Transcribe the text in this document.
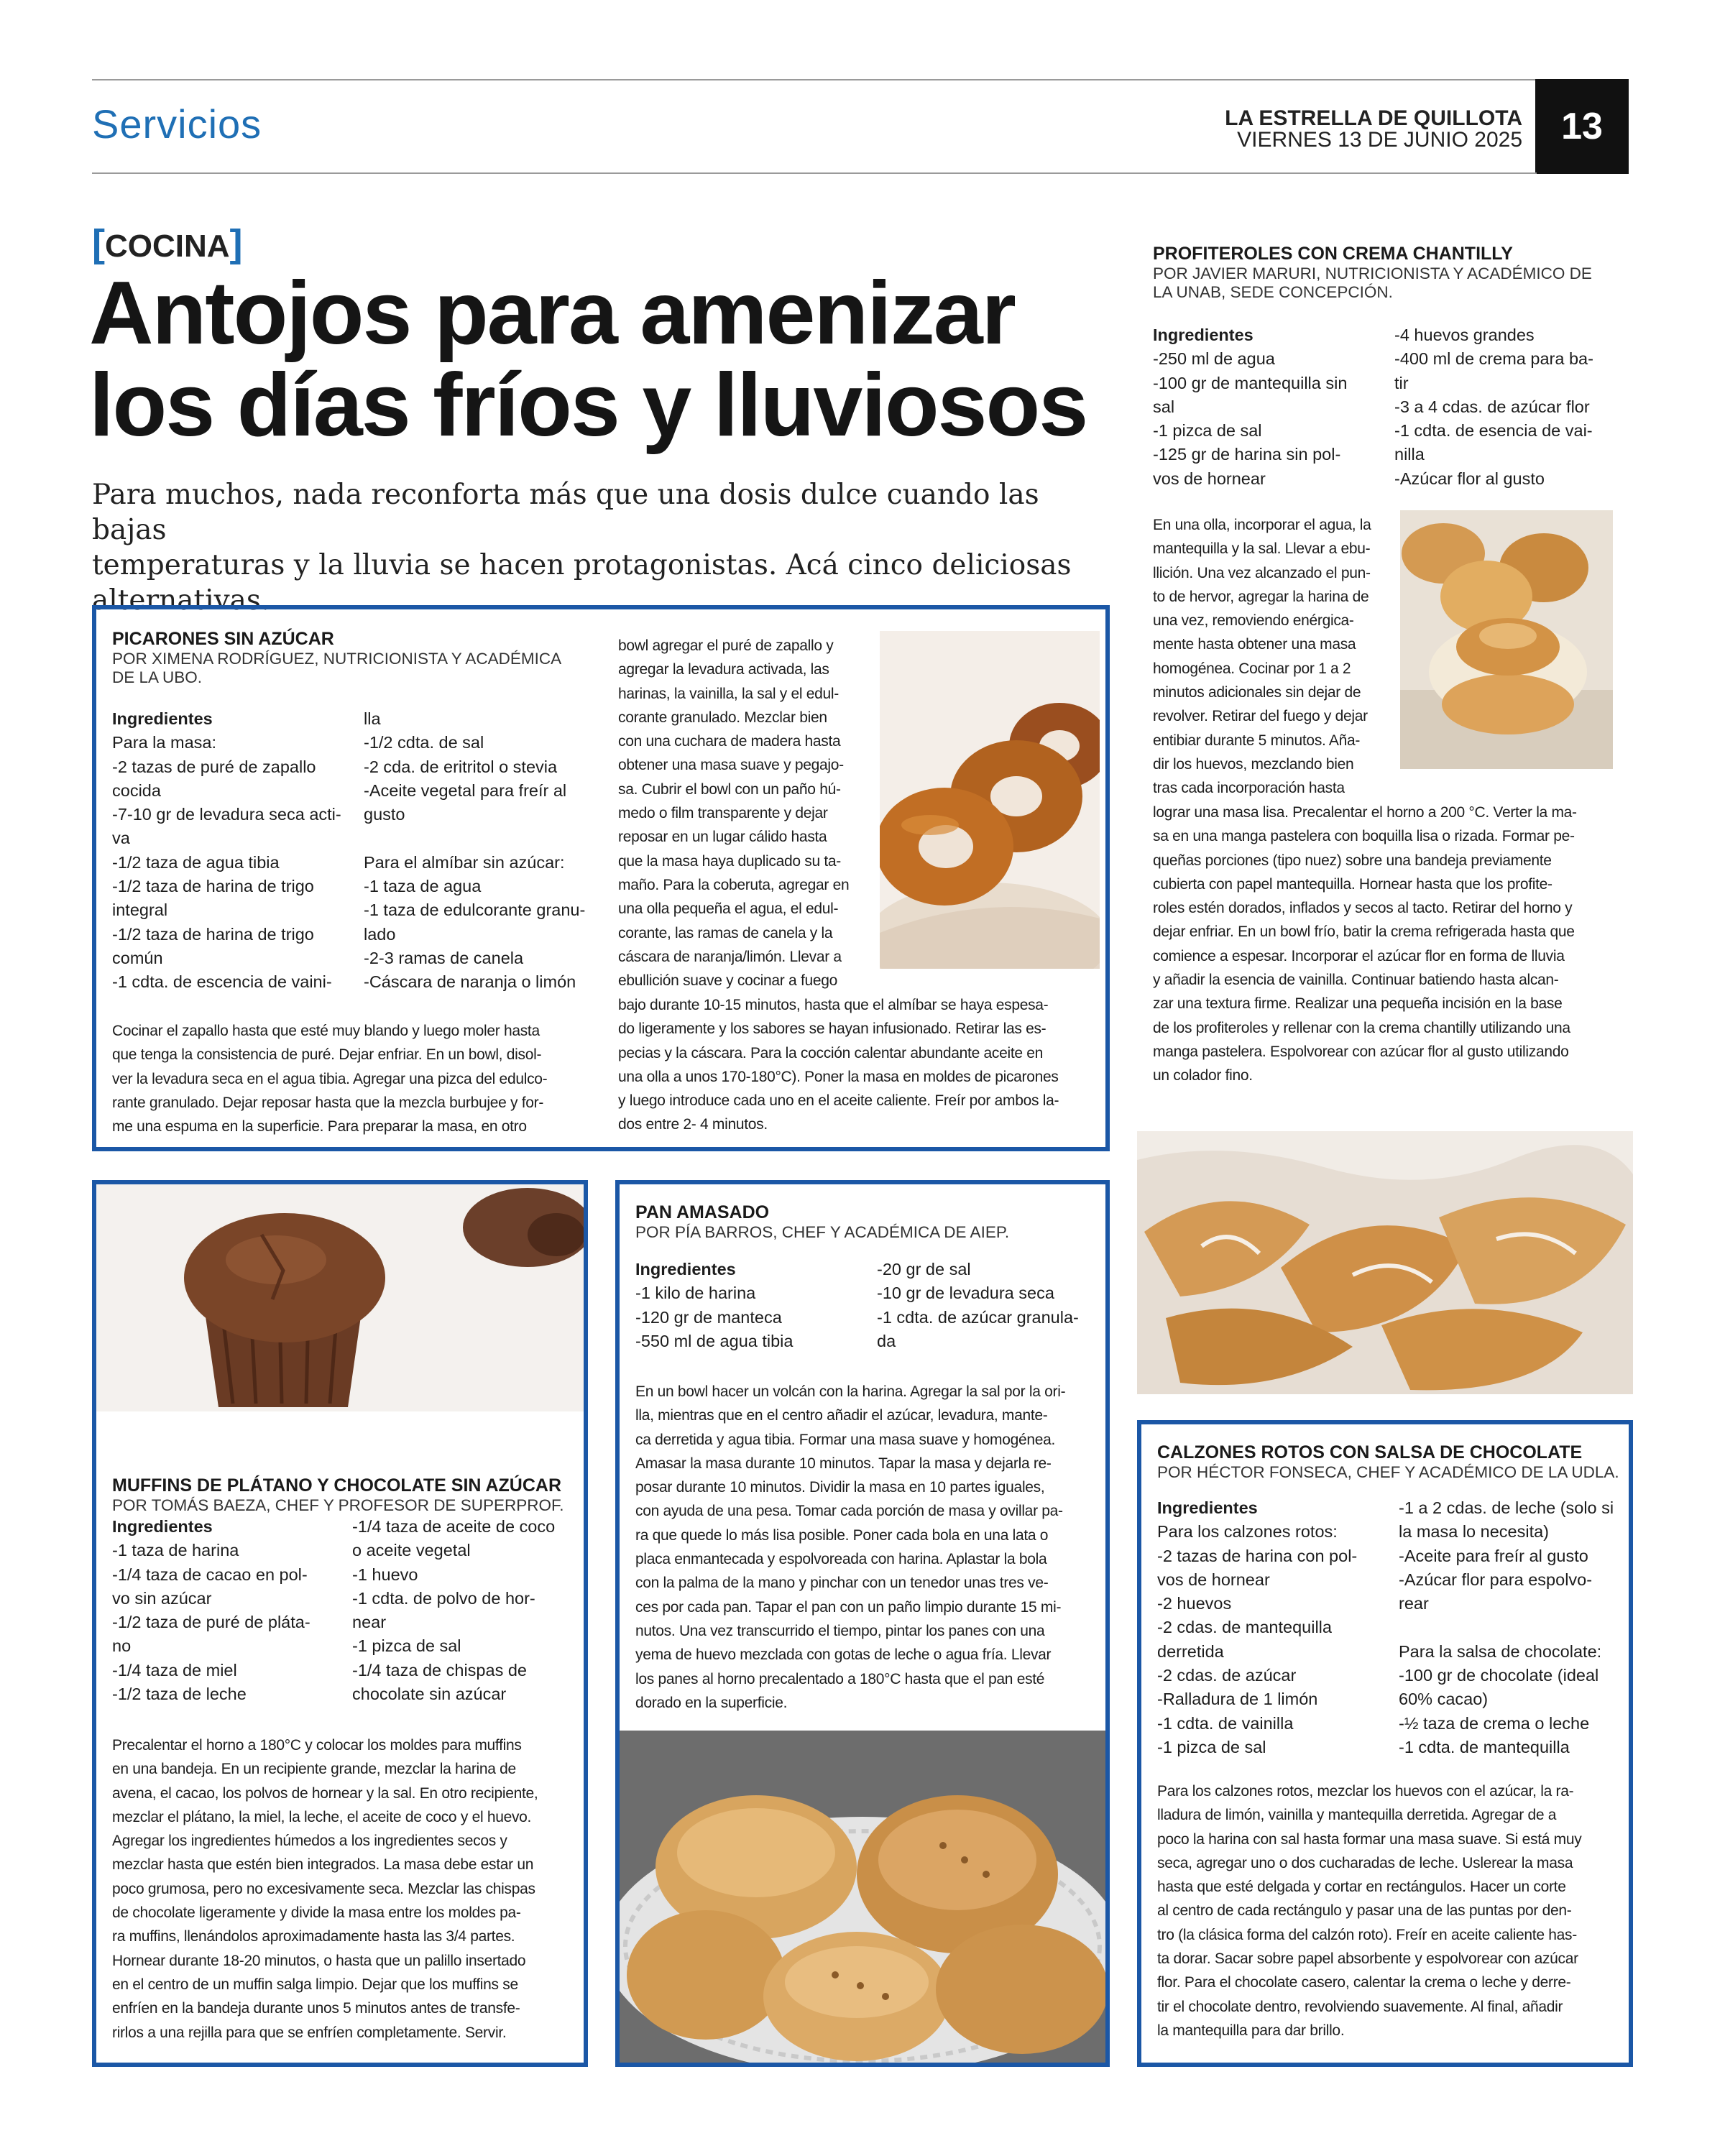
Servicios	LA ESTRELLA DE QUILLOTA
VIERNES 13 DE JUNIO 2025	13
[COCINA]
Antojos para amenizar
los días fríos y lluviosos
Para muchos, nada reconforta más que una dosis dulce cuando las bajas
temperaturas y la lluvia se hacen protagonistas. Acá cinco deliciosas
alternativas.
PICARONES SIN AZÚCAR
POR XIMENA RODRÍGUEZ, NUTRICIONISTA Y ACADÉMICA
DE LA UBO.

Ingredientes

Para la masa:

-2 tazas de puré de zapallo

cocida

-7-10 gr de levadura seca acti-

va

-1/2 taza de agua tibia

-1/2 taza de harina de trigo

integral

-1/2 taza de harina de trigo

común

-1 cdta. de escencia de vaini-

lla

-1/2 cdta. de sal

-2 cda. de eritritol o stevia

-Aceite vegetal para freír al

gusto

Para el almíbar sin azúcar:

-1 taza de agua

-1 taza de edulcorante granu-

lado

-2-3 ramas de canela

-Cáscara de naranja o limón

Cocinar el zapallo hasta que esté muy blando y luego moler hasta

que tenga la consistencia de puré. Dejar enfriar. En un bowl, disol-

ver la levadura seca en el agua tibia. Agregar una pizca del edulco-

rante granulado. Dejar reposar hasta que la mezcla burbujee y for-

me una espuma en la superficie. Para preparar la masa, en otro

bowl agregar el puré de zapallo y

agregar la levadura activada, las

harinas, la vainilla, la sal y el edul-

corante granulado. Mezclar bien

con una cuchara de madera hasta

obtener una masa suave y pegajo-

sa. Cubrir el bowl con un paño hú-

medo o film transparente y dejar

reposar en un lugar cálido hasta

que la masa haya duplicado su ta-

maño. Para la coberuta, agregar en

una olla pequeña el agua, el edul-

corante, las ramas de canela y la

cáscara de naranja/limón. Llevar a

ebullición suave y cocinar a fuego

bajo durante 10-15 minutos, hasta que el almíbar se haya espesa-

do ligeramente y los sabores se hayan infusionado. Retirar las es-

pecias y la cáscara. Para la cocción calentar abundante aceite en

una olla a unos 170-180°C). Poner la masa en moldes de picarones

y luego introduce cada uno en el aceite caliente. Freír por ambos la-

dos entre 2- 4 minutos.

PROFITEROLES CON CREMA CHANTILLY
POR JAVIER MARURI, NUTRICIONISTA Y ACADÉMICO DE
LA UNAB, SEDE CONCEPCIÓN.

Ingredientes

-250 ml de agua

-100 gr de mantequilla sin

sal

-1 pizca de sal

-125 gr de harina sin pol-

vos de hornear

-4 huevos grandes

-400 ml de crema para ba-

tir

-3 a 4 cdas. de azúcar flor

-1 cdta. de esencia de vai-

nilla

-Azúcar flor al gusto

En una olla, incorporar el agua, la

mantequilla y la sal. Llevar a ebu-

llición. Una vez alcanzado el pun-

to de hervor, agregar la harina de

una vez, removiendo enérgica-

mente hasta obtener una masa

homogénea. Cocinar por 1 a 2

minutos adicionales sin dejar de

revolver. Retirar del fuego y dejar

entibiar durante 5 minutos. Aña-

dir los huevos, mezclando bien

tras cada incorporación hasta

lograr una masa lisa. Precalentar el horno a 200 °C. Verter la ma-

sa en una manga pastelera con boquilla lisa o rizada. Formar pe-

queñas porciones (tipo nuez) sobre una bandeja previamente

cubierta con papel mantequilla. Hornear hasta que los profite-

roles estén dorados, inflados y secos al tacto. Retirar del horno y

dejar enfriar. En un bowl frío, batir la crema refrigerada hasta que

comience a espesar. Incorporar el azúcar flor en forma de lluvia

y añadir la esencia de vainilla. Continuar batiendo hasta alcan-

zar una textura firme. Realizar una pequeña incisión en la base

de los profiteroles y rellenar con la crema chantilly utilizando una

manga pastelera. Espolvorear con azúcar flor al gusto utilizando

un colador fino.

MUFFINS DE PLÁTANO Y CHOCOLATE SIN AZÚCAR
POR TOMÁS BAEZA, CHEF Y PROFESOR DE SUPERPROF.

Ingredientes

-1 taza de harina

-1/4 taza de cacao en pol-

vo sin azúcar

-1/2 taza de puré de pláta-

no

-1/4 taza de miel

-1/2 taza de leche

-1/4 taza de aceite de coco

o aceite vegetal

-1 huevo

-1 cdta. de polvo de hor-

near

-1 pizca de sal

-1/4 taza de chispas de

chocolate sin azúcar

Precalentar el horno a 180°C y colocar los moldes para muffins

en una bandeja. En un recipiente grande, mezclar la harina de

avena, el cacao, los polvos de hornear y la sal. En otro recipiente,

mezclar el plátano, la miel, la leche, el aceite de coco y el huevo.

Agregar los ingredientes húmedos a los ingredientes secos y

mezclar hasta que estén bien integrados. La masa debe estar un

poco grumosa, pero no excesivamente seca. Mezclar las chispas

de chocolate ligeramente y divide la masa entre los moldes pa-

ra muffins, llenándolos aproximadamente hasta las 3/4 partes.

Hornear durante 18-20 minutos, o hasta que un palillo insertado

en el centro de un muffin salga limpio. Dejar que los muffins se

enfríen en la bandeja durante unos 5 minutos antes de transfe-

rirlos a una rejilla para que se enfríen completamente. Servir.

PAN AMASADO
POR PÍA BARROS, CHEF Y ACADÉMICA DE AIEP.

Ingredientes

-1 kilo de harina

-120 gr de manteca

-550 ml de agua tibia

-20 gr de sal

-10 gr de levadura seca

-1 cdta. de azúcar granula-

da

En un bowl hacer un volcán con la harina. Agregar la sal por la ori-

lla, mientras que en el centro añadir el azúcar, levadura, mante-

ca derretida y agua tibia. Formar una masa suave y homogénea.

Amasar la masa durante 10 minutos. Tapar la masa y dejarla re-

posar durante 10 minutos. Dividir la masa en 10 partes iguales,

con ayuda de una pesa. Tomar cada porción de masa y ovillar pa-

ra que quede lo más lisa posible. Poner cada bola en una lata o

placa enmantecada y espolvoreada con harina. Aplastar la bola

con la palma de la mano y pinchar con un tenedor unas tres ve-

ces por cada pan. Tapar el pan con un paño limpio durante 15 mi-

nutos. Una vez transcurrido el tiempo, pintar los panes con una

yema de huevo mezclada con gotas de leche o agua fría. Llevar

los panes al horno precalentado a 180°C hasta que el pan esté

dorado en la superficie.

CALZONES ROTOS CON SALSA DE CHOCOLATE
POR HÉCTOR FONSECA, CHEF Y ACADÉMICO DE LA UDLA.

Ingredientes

Para los calzones rotos:

-2 tazas de harina con pol-

vos de hornear

-2 huevos

-2 cdas. de mantequilla

derretida

-2 cdas. de azúcar

-Ralladura de 1 limón

-1 cdta. de vainilla

-1 pizca de sal

-1 a 2 cdas. de leche (solo si

la masa lo necesita)

-Aceite para freír al gusto

-Azúcar flor para espolvo-

rear

Para la salsa de chocolate:

-100 gr de chocolate (ideal

60% cacao)

-½ taza de crema o leche

-1 cdta. de mantequilla

Para los calzones rotos, mezclar los huevos con el azúcar, la ra-

lladura de limón, vainilla y mantequilla derretida. Agregar de a

poco la harina con sal hasta formar una masa suave. Si está muy

seca, agregar uno o dos cucharadas de leche. Uslerear la masa

hasta que esté delgada y cortar en rectángulos. Hacer un corte

al centro de cada rectángulo y pasar una de las puntas por den-

tro (la clásica forma del calzón roto). Freír en aceite caliente has-

ta dorar. Sacar sobre papel absorbente y espolvorear con azúcar

flor. Para el chocolate casero, calentar la crema o leche y derre-

tir el chocolate dentro, revolviendo suavemente. Al final, añadir

la mantequilla para dar brillo.
